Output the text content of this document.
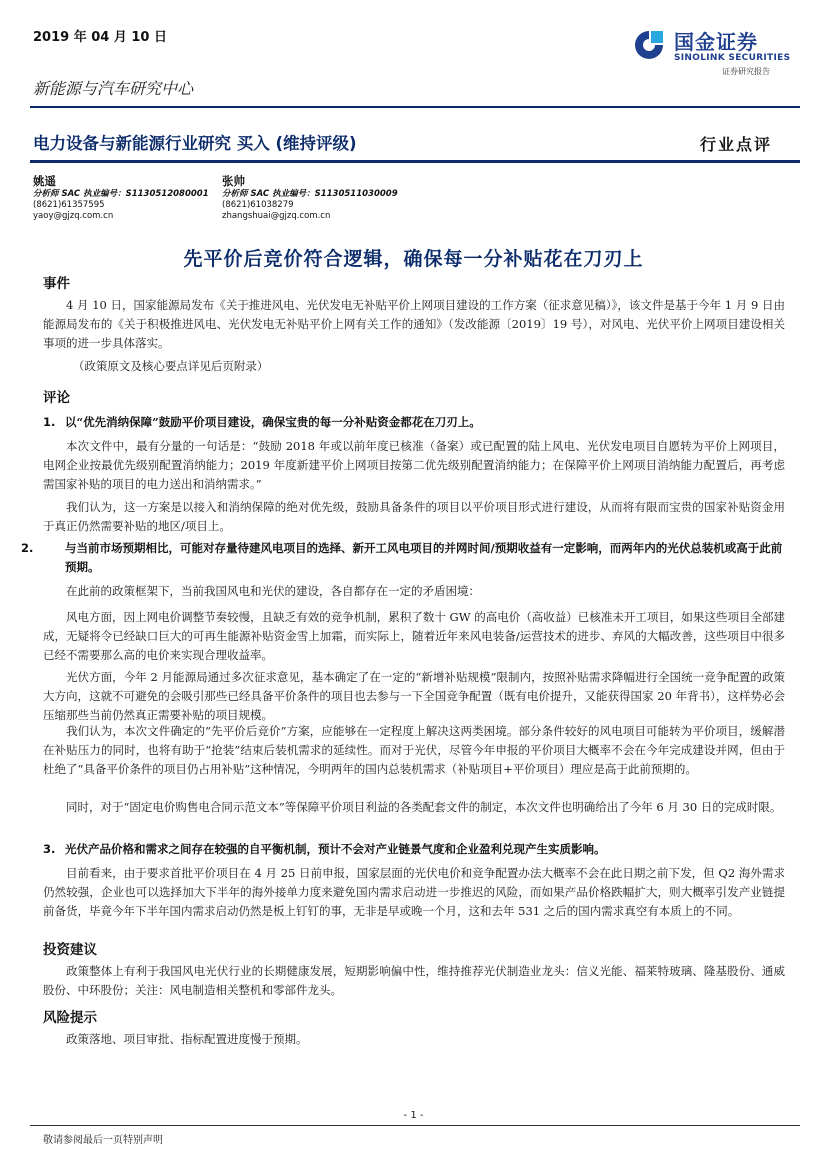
2019 年 04 月 10 日
新能源与汽车研究中心
国金证券
SINOLINK SECURITIES
证券研究报告
电力设备与新能源行业研究 买入 (维持评级)	行业点评
姚遥
分析师 SAC 执业编号：S1130512080001
(8621)61357595
yaoy@gjzq.com.cn
张帅
分析师 SAC 执业编号：S1130511030009
(8621)61038279
zhangshuai@gjzq.com.cn
先平价后竞价符合逻辑，确保每一分补贴花在刀刃上
事件
4 月 10 日，国家能源局发布《关于推进风电、光伏发电无补贴平价上网项目建设的工作方案（征求意见稿）》，该文件是基于今年 1 月 9 日由能源局发布的《关于积极推进风电、光伏发电无补贴平价上网有关工作的通知》（发改能源〔2019〕19 号），对风电、光伏平价上网项目建设相关事项的进一步具体落实。
（政策原文及核心要点详见后页附录）
评论
1. 以“优先消纳保障”鼓励平价项目建设，确保宝贵的每一分补贴资金都花在刀刃上。
本次文件中，最有分量的一句话是：“鼓励 2018 年或以前年度已核准（备案）或已配置的陆上风电、光伏发电项目自愿转为平价上网项目，电网企业按最优先级别配置消纳能力；2019 年度新建平价上网项目按第二优先级别配置消纳能力；在保障平价上网项目消纳能力配置后，再考虑需国家补贴的项目的电力送出和消纳需求。”
我们认为，这一方案是以接入和消纳保障的绝对优先级，鼓励具备条件的项目以平价项目形式进行建设，从而将有限而宝贵的国家补贴资金用于真正仍然需要补贴的地区/项目上。
2.	与当前市场预期相比，可能对存量待建风电项目的选择、新开工风电项目的并网时间/预期收益有一定影响，而两年内的光伏总装机或高于此前预期。
在此前的政策框架下，当前我国风电和光伏的建设，各自都存在一定的矛盾困境：
风电方面，因上网电价调整节奏较慢，且缺乏有效的竞争机制，累积了数十 GW 的高电价（高收益）已核准未开工项目，如果这些项目全部建成，无疑将令已经缺口巨大的可再生能源补贴资金雪上加霜，而实际上，随着近年来风电装备/运营技术的进步、弃风的大幅改善，这些项目中很多已经不需要那么高的电价来实现合理收益率。
光伏方面，今年 2 月能源局通过多次征求意见，基本确定了在一定的“新增补贴规模”限制内，按照补贴需求降幅进行全国统一竞争配置的政策大方向，这就不可避免的会吸引那些已经具备平价条件的项目也去参与一下全国竞争配置（既有电价提升，又能获得国家 20 年背书），这样势必会压缩那些当前仍然真正需要补贴的项目规模。
我们认为，本次文件确定的“先平价后竞价”方案，应能够在一定程度上解决这两类困境。部分条件较好的风电项目可能转为平价项目，缓解潜在补贴压力的同时，也将有助于“抢装”结束后装机需求的延续性。而对于光伏，尽管今年申报的平价项目大概率不会在今年完成建设并网，但由于杜绝了“具备平价条件的项目仍占用补贴”这种情况，今明两年的国内总装机需求（补贴项目+平价项目）理应是高于此前预期的。
同时，对于“固定电价购售电合同示范文本”等保障平价项目利益的各类配套文件的制定，本次文件也明确给出了今年 6 月 30 日的完成时限。
3. 光伏产品价格和需求之间存在较强的自平衡机制，预计不会对产业链景气度和企业盈利兑现产生实质影响。
目前看来，由于要求首批平价项目在 4 月 25 日前申报，国家层面的光伏电价和竞争配置办法大概率不会在此日期之前下发，但 Q2 海外需求仍然较强，企业也可以选择加大下半年的海外接单力度来避免国内需求启动进一步推迟的风险，而如果产品价格跌幅扩大，则大概率引发产业链提前备货，毕竟今年下半年国内需求启动仍然是板上钉钉的事，无非是早或晚一个月，这和去年 531 之后的国内需求真空有本质上的不同。
投资建议
政策整体上有利于我国风电光伏行业的长期健康发展，短期影响偏中性，维持推荐光伏制造业龙头：信义光能、福莱特玻璃、隆基股份、通威股份、中环股份；关注：风电制造相关整机和零部件龙头。
风险提示
政策落地、项目审批、指标配置进度慢于预期。
- 1 -
敬请参阅最后一页特别声明
